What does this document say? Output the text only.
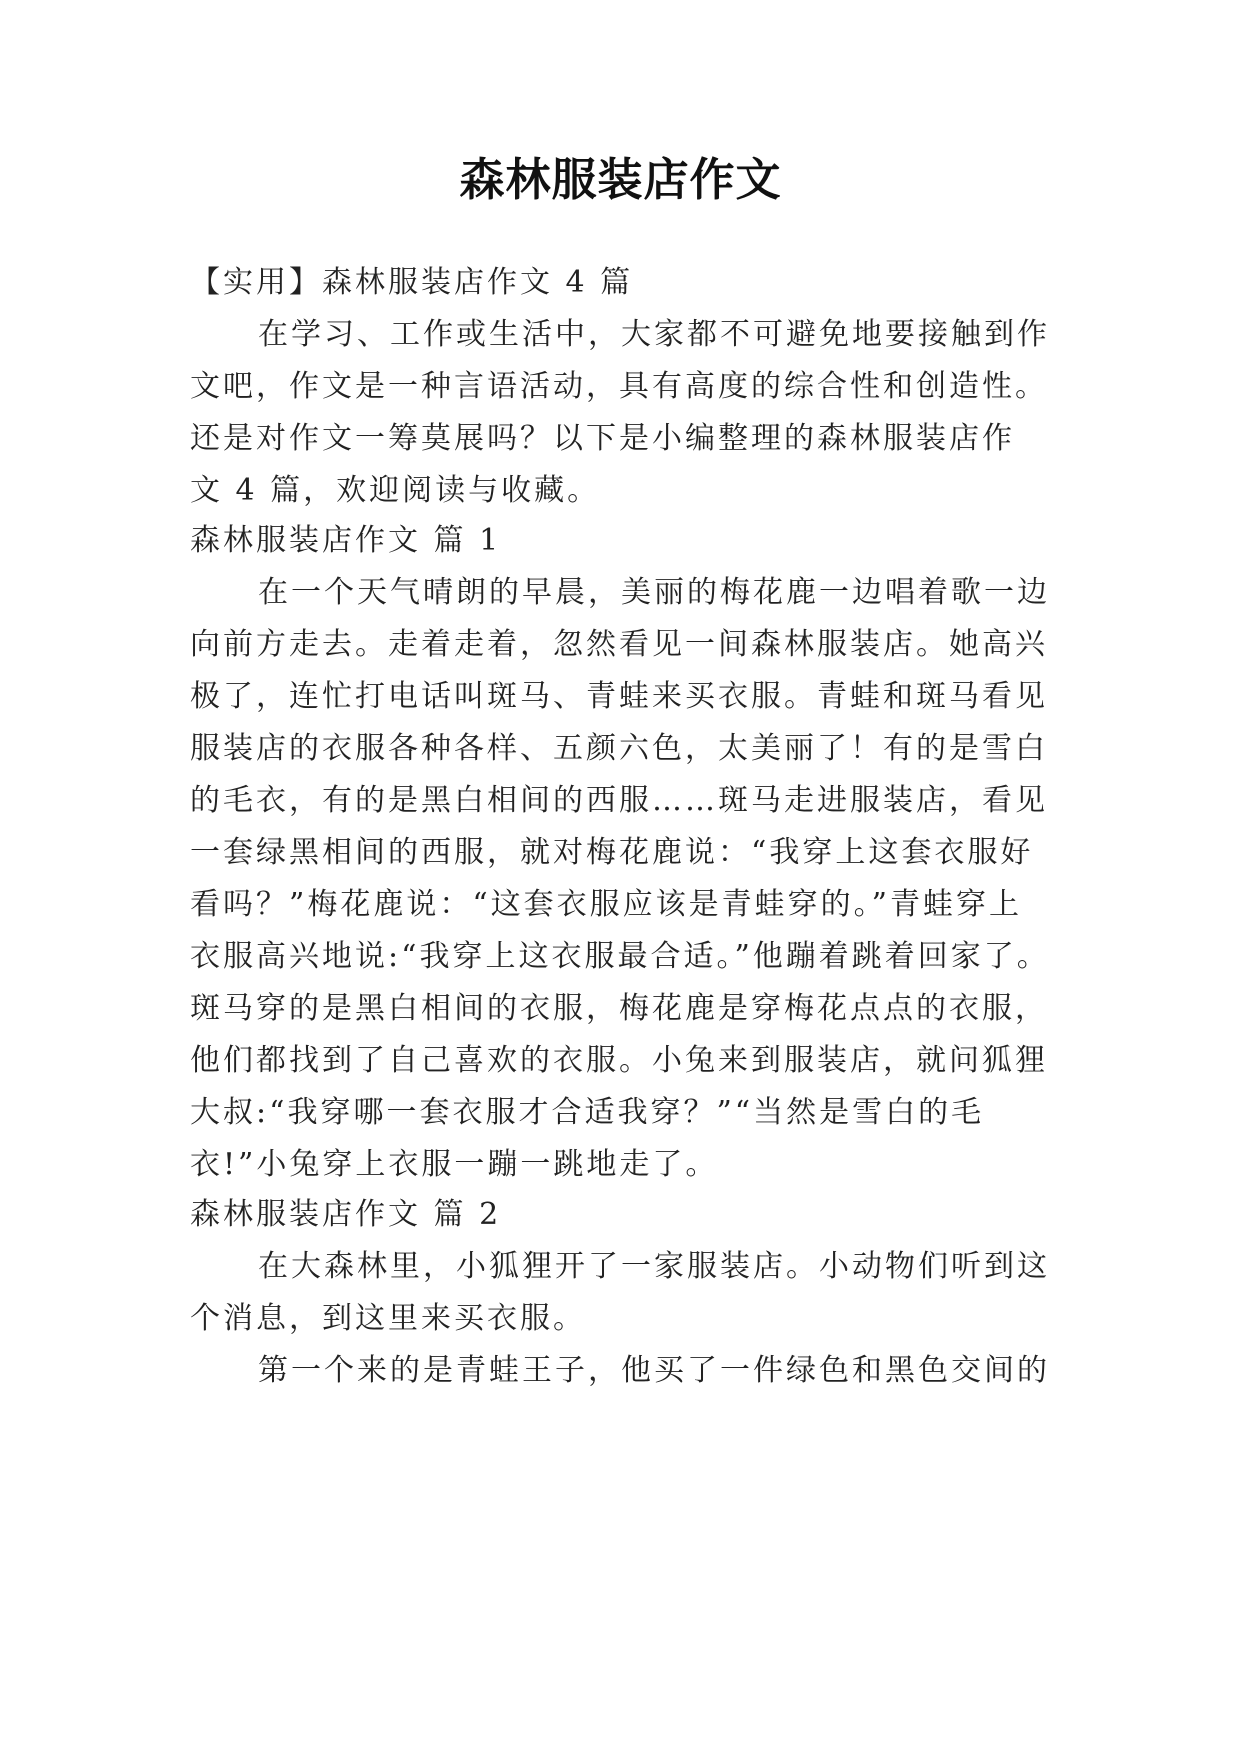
森林服装店作文
【实用】森林服装店作文 4 篇
在学习、工作或生活中，大家都不可避免地要接触到作
文吧，作文是一种言语活动，具有高度的综合性和创造性。
还是对作文一筹莫展吗？以下是小编整理的森林服装店作
文 4 篇，欢迎阅读与收藏。
森林服装店作文 篇 1
在一个天气晴朗的早晨，美丽的梅花鹿一边唱着歌一边
向前方走去。走着走着，忽然看见一间森林服装店。她高兴
极了，连忙打电话叫斑马、青蛙来买衣服。青蛙和斑马看见
服装店的衣服各种各样、五颜六色，太美丽了！有的是雪白
的毛衣，有的是黑白相间的西服……斑马走进服装店，看见
一套绿黑相间的西服，就对梅花鹿说：“我穿上这套衣服好
看吗？”梅花鹿说：“这套衣服应该是青蛙穿的。”青蛙穿上
衣服高兴地说:“我穿上这衣服最合适。”他蹦着跳着回家了。
斑马穿的是黑白相间的衣服，梅花鹿是穿梅花点点的衣服，
他们都找到了自己喜欢的衣服。小兔来到服装店，就问狐狸
大叔:“我穿哪一套衣服才合适我穿？”“当然是雪白的毛
衣!”小兔穿上衣服一蹦一跳地走了。
森林服装店作文 篇 2
在大森林里，小狐狸开了一家服装店。小动物们听到这
个消息，到这里来买衣服。
第一个来的是青蛙王子，他买了一件绿色和黑色交间的
